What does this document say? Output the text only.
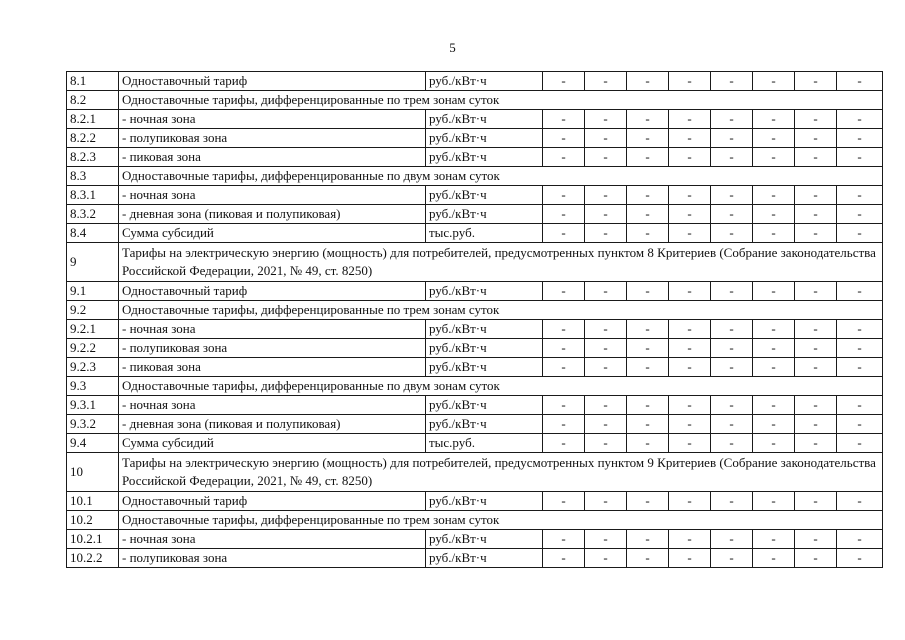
5
8.1	Одноставочный тариф	руб./кВт·ч	-	-	-	-	-	-	-	-
8.2	Одноставочные тарифы, дифференцированные по трем зонам суток									
8.2.1	- ночная зона	руб./кВт·ч	-	-	-	-	-	-	-	-
8.2.2	- полупиковая зона	руб./кВт·ч	-	-	-	-	-	-	-	-
8.2.3	- пиковая зона	руб./кВт·ч	-	-	-	-	-	-	-	-
8.3	Одноставочные тарифы, дифференцированные по двум зонам суток									
8.3.1	- ночная зона	руб./кВт·ч	-	-	-	-	-	-	-	-
8.3.2	- дневная зона (пиковая и полупиковая)	руб./кВт·ч	-	-	-	-	-	-	-	-
8.4	Сумма субсидий	тыс.руб.	-	-	-	-	-	-	-	-
9	Тарифы на электрическую энергию (мощность) для потребителей, предусмотренных пунктом 8 Критериев (Собрание законодательства Российской Федерации, 2021, № 49, ст. 8250)									
9.1	Одноставочный тариф	руб./кВт·ч	-	-	-	-	-	-	-	-
9.2	Одноставочные тарифы, дифференцированные по трем зонам суток									
9.2.1	- ночная зона	руб./кВт·ч	-	-	-	-	-	-	-	-
9.2.2	- полупиковая зона	руб./кВт·ч	-	-	-	-	-	-	-	-
9.2.3	- пиковая зона	руб./кВт·ч	-	-	-	-	-	-	-	-
9.3	Одноставочные тарифы, дифференцированные по двум зонам суток									
9.3.1	- ночная зона	руб./кВт·ч	-	-	-	-	-	-	-	-
9.3.2	- дневная зона (пиковая и полупиковая)	руб./кВт·ч	-	-	-	-	-	-	-	-
9.4	Сумма субсидий	тыс.руб.	-	-	-	-	-	-	-	-
10	Тарифы на электрическую энергию (мощность) для потребителей, предусмотренных пунктом 9 Критериев (Собрание законодательства Российской Федерации, 2021, № 49, ст. 8250)									
10.1	Одноставочный тариф	руб./кВт·ч	-	-	-	-	-	-	-	-
10.2	Одноставочные тарифы, дифференцированные по трем зонам суток									
10.2.1	- ночная зона	руб./кВт·ч	-	-	-	-	-	-	-	-
10.2.2	- полупиковая зона	руб./кВт·ч	-	-	-	-	-	-	-	-
